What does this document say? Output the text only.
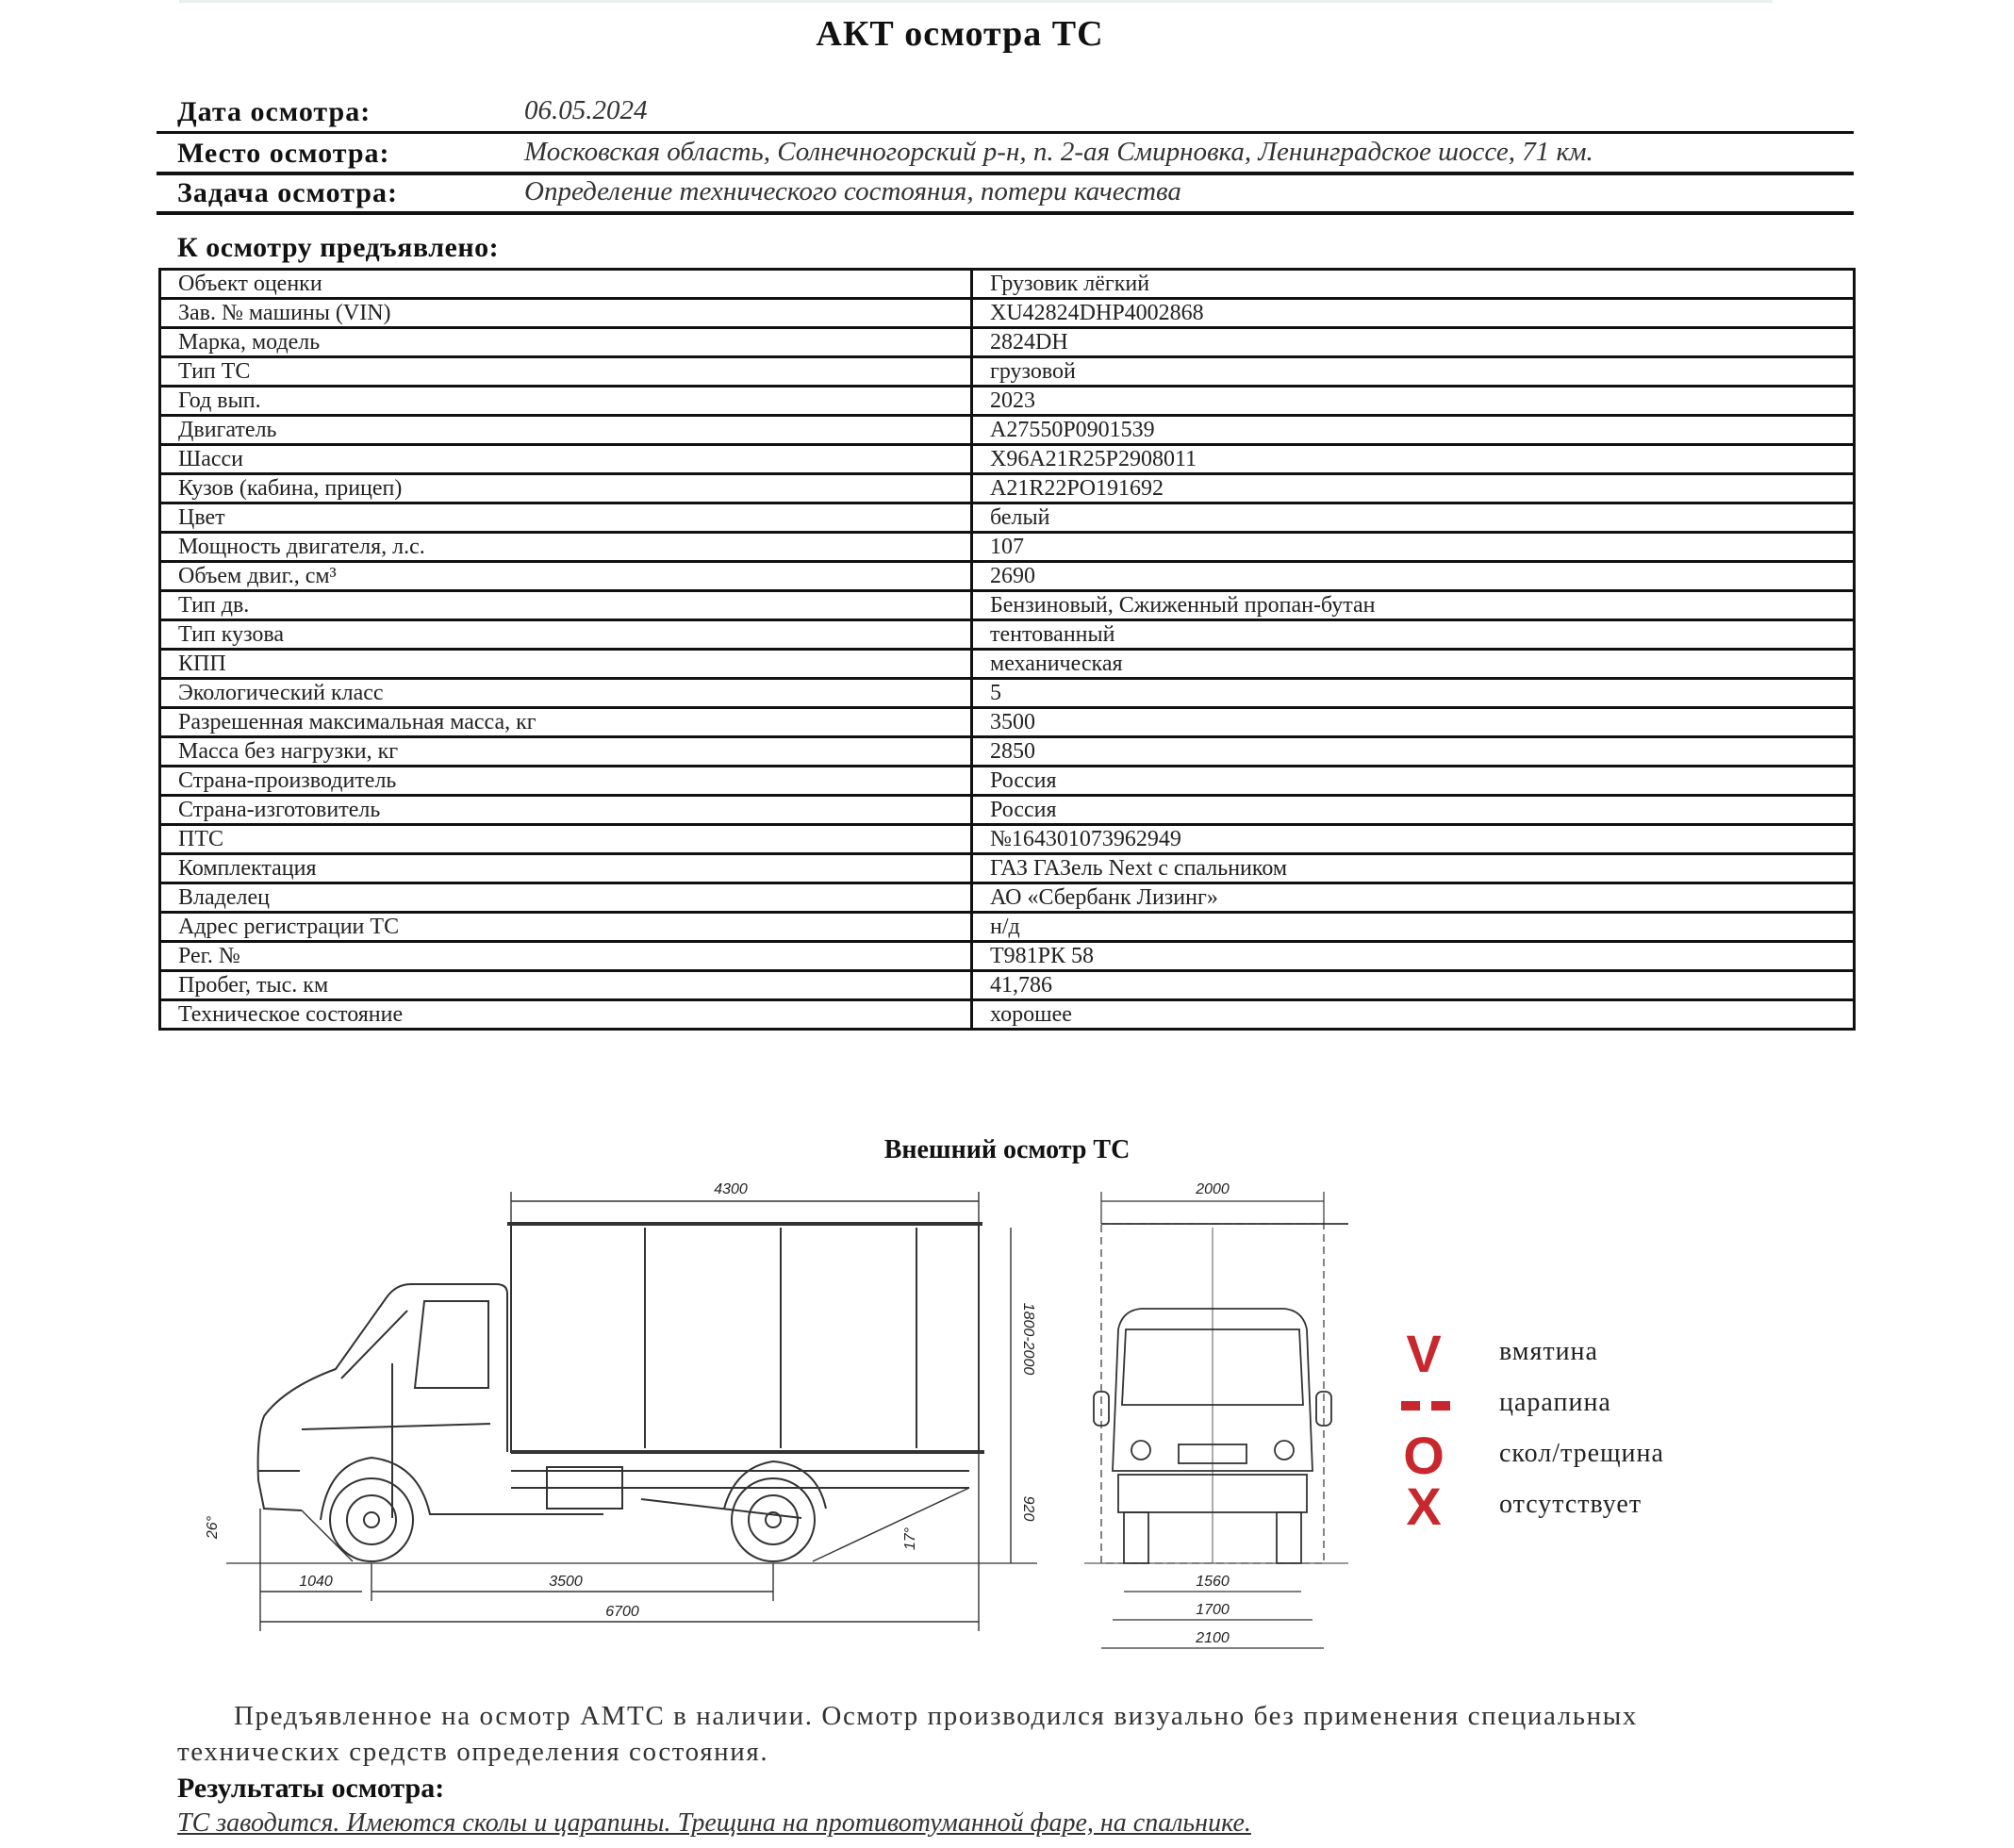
АКТ осмотра ТС
Дата осмотра:	06.05.2024
Место осмотра:	Московская область, Солнечногорский р-н, п. 2-ая Смирновка, Ленинградское шоссе, 71 км.
Задача осмотра:	Определение технического состояния, потери качества
К осмотру предъявлено:
Объект оценки	Грузовик лёгкий
Зав. № машины (VIN)	XU42824DHP4002868
Марка, модель	2824DH
Тип ТС	грузовой
Год вып.	2023
Двигатель	A27550P0901539
Шасси	X96A21R25P2908011
Кузов (кабина, прицеп)	A21R22PO191692
Цвет	белый
Мощность двигателя, л.с.	107
Объем двиг., см³	2690
Тип дв.	Бензиновый, Сжиженный пропан-бутан
Тип кузова	тентованный
КПП	механическая
Экологический класс	5
Разрешенная максимальная масса, кг	3500
Масса без нагрузки, кг	2850
Страна-производитель	Россия
Страна-изготовитель	Россия
ПТС	№164301073962949
Комплектация	ГАЗ ГАЗель Next с спальником
Владелец	АО «Сбербанк Лизинг»
Адрес регистрации ТС	н/д
Рег. №	Т981РК 58
Пробег, тыс. км	41,786
Техническое состояние	хорошее
Внешний осмотр ТС
4300
1800-2000
920
1040	3500
6700
26°	17°
2000
1560
1700
2100
V	вмятина
царапина
O скол/трещина
X	отсутствует
Предъявленное на осмотр АМТС в наличии. Осмотр производился визуально без применения специальных
технических средств определения состояния.
Результаты осмотра:
ТС заводится. Имеются сколы и царапины. Трещина на противотуманной фаре, на спальнике.
